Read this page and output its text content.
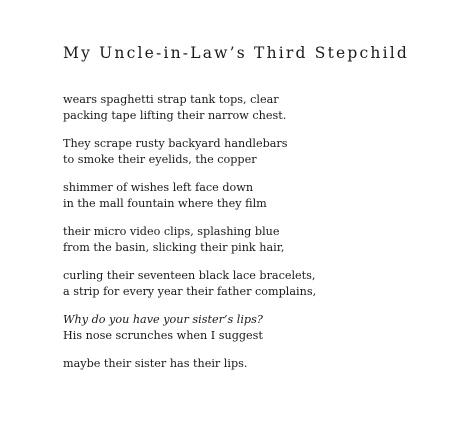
My Uncle-in-Law’s Third Stepchild
wears spaghetti strap tank tops, clear
packing tape lifting their narrow chest.
They scrape rusty backyard handlebars
to smoke their eyelids, the copper
shimmer of wishes left face down
in the mall fountain where they film
their micro video clips, splashing blue
from the basin, slicking their pink hair,
curling their seventeen black lace bracelets,
a strip for every year their father complains,
Why do you have your sister’s lips?
His nose scrunches when I suggest
maybe their sister has their lips.
